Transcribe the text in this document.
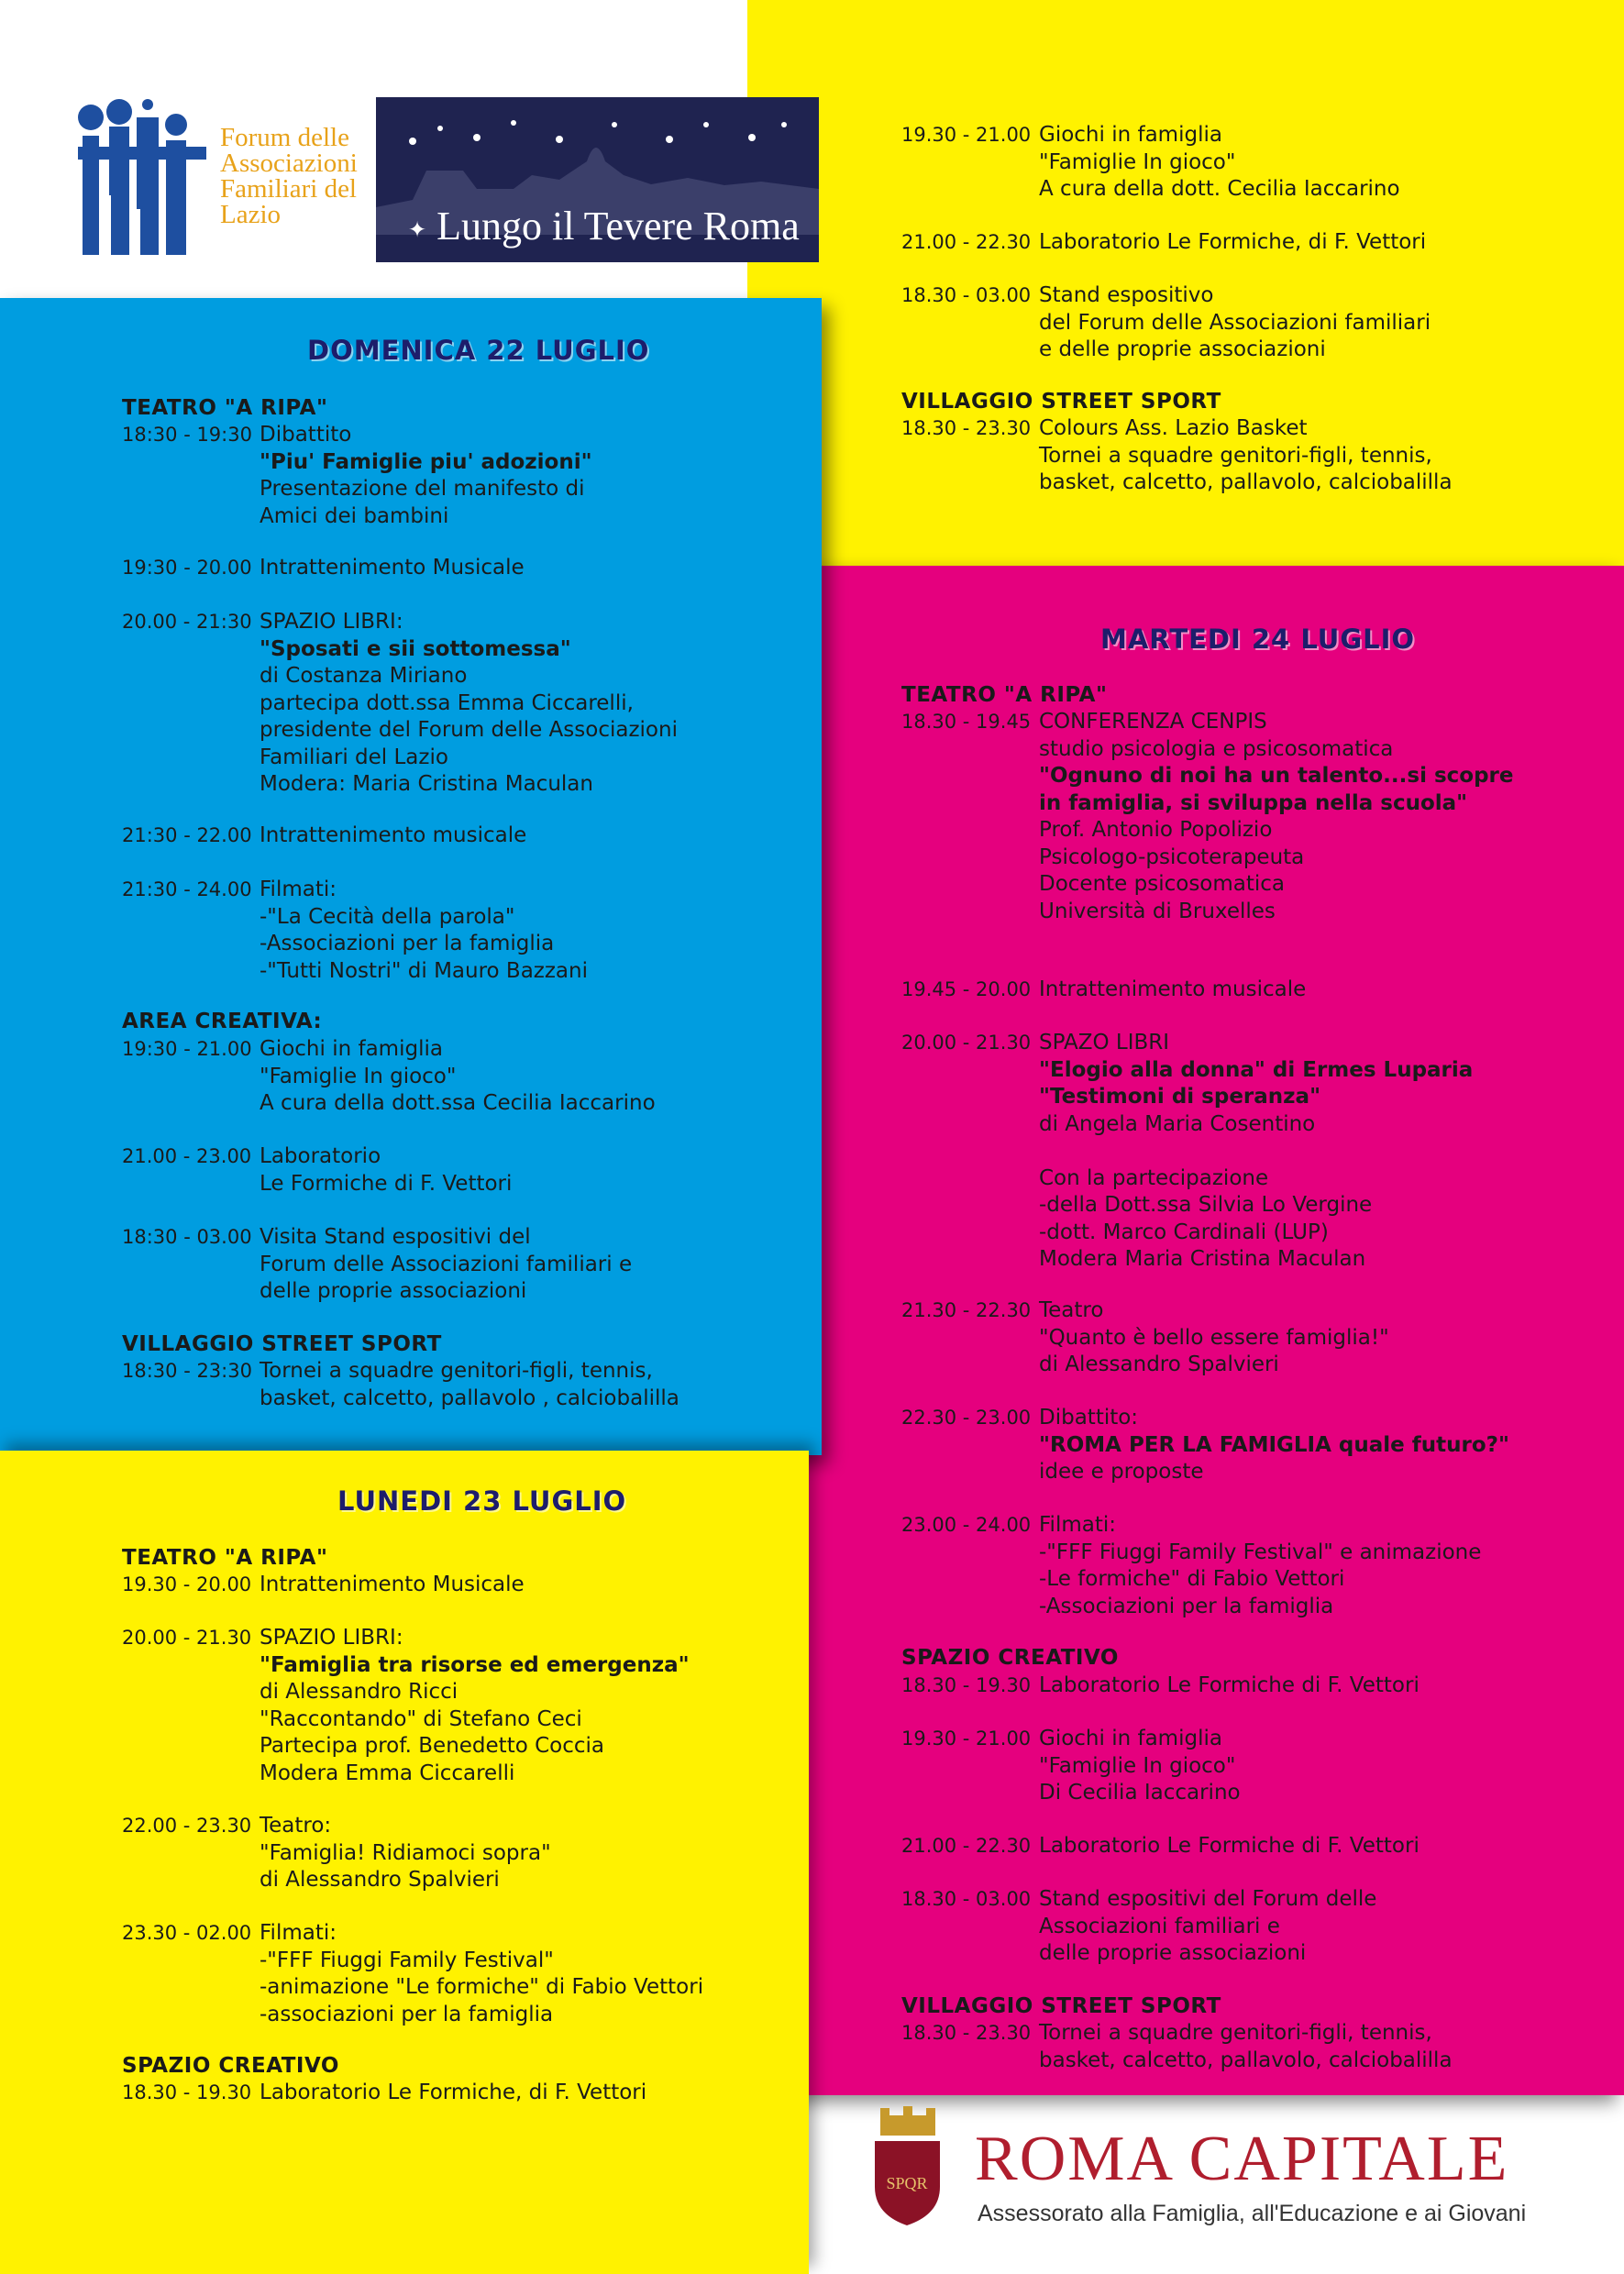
Forum delle
Associazioni
Familiari del
Lazio
✦ Lungo il Tevere Roma
DOMENICA 22 LUGLIO
TEATRO "A RIPA"
18:30 - 19:30 Dibattito
"Piu' Famiglie piu' adozioni"
Presentazione del manifesto di
Amici dei bambini
19:30 - 20.00 Intrattenimento Musicale
20.00 - 21:30 SPAZIO LIBRI:
"Sposati e sii sottomessa"
di Costanza Miriano
partecipa dott.ssa Emma Ciccarelli,
presidente del Forum delle Associazioni
Familiari del Lazio
Modera: Maria Cristina Maculan
21:30 - 22.00 Intrattenimento musicale
21:30 - 24.00 Filmati:
-"La Cecità della parola"
-Associazioni per la famiglia
-"Tutti Nostri" di Mauro Bazzani
AREA CREATIVA:
19:30 - 21.00 Giochi in famiglia
"Famiglie In gioco"
A cura della dott.ssa Cecilia Iaccarino
21.00 - 23.00 Laboratorio
Le Formiche di F. Vettori
18:30 - 03.00 Visita Stand espositivi del
Forum delle Associazioni familiari e
delle proprie associazioni
VILLAGGIO STREET SPORT
18:30 - 23:30 Tornei a squadre genitori-figli, tennis,
basket, calcetto, pallavolo , calciobalilla
19.30 - 21.00 Giochi in famiglia
"Famiglie In gioco"
A cura della dott. Cecilia Iaccarino
21.00 - 22.30 Laboratorio Le Formiche, di F. Vettori
18.30 - 03.00 Stand espositivo
del Forum delle Associazioni familiari
e delle proprie associazioni
VILLAGGIO STREET SPORT
18.30 - 23.30 Colours Ass. Lazio Basket
Tornei a squadre genitori-figli, tennis,
basket, calcetto, pallavolo, calciobalilla
MARTEDI 24 LUGLIO
TEATRO "A RIPA"
18.30 - 19.45 CONFERENZA CENPIS
studio psicologia e psicosomatica
"Ognuno di noi ha un talento...si scopre
in famiglia, si sviluppa nella scuola"
Prof. Antonio Popolizio
Psicologo-psicoterapeuta
Docente psicosomatica
Università di Bruxelles
19.45 - 20.00 Intrattenimento musicale
20.00 - 21.30 SPAZO LIBRI
"Elogio alla donna" di Ermes Luparia
"Testimoni di speranza"
di Angela Maria Cosentino
Con la partecipazione
-della Dott.ssa Silvia Lo Vergine
-dott. Marco Cardinali (LUP)
Modera Maria Cristina Maculan
21.30 - 22.30 Teatro
"Quanto è bello essere famiglia!"
di Alessandro Spalvieri
22.30 - 23.00 Dibattito:
"ROMA PER LA FAMIGLIA quale futuro?"
idee e proposte
23.00 - 24.00 Filmati:
-"FFF Fiuggi Family Festival" e animazione
-Le formiche" di Fabio Vettori
-Associazioni per la famiglia
SPAZIO CREATIVO
18.30 - 19.30 Laboratorio Le Formiche di F. Vettori
19.30 - 21.00 Giochi in famiglia
"Famiglie In gioco"
Di Cecilia Iaccarino
21.00 - 22.30 Laboratorio Le Formiche di F. Vettori
18.30 - 03.00 Stand espositivi del Forum delle
Associazioni familiari e
delle proprie associazioni
VILLAGGIO STREET SPORT
18.30 - 23.30 Tornei a squadre genitori-figli, tennis,
basket, calcetto, pallavolo, calciobalilla
LUNEDI 23 LUGLIO
TEATRO "A RIPA"
19.30 - 20.00 Intrattenimento Musicale
20.00 - 21.30 SPAZIO LIBRI:
"Famiglia tra risorse ed emergenza"
di Alessandro Ricci
"Raccontando" di Stefano Ceci
Partecipa prof. Benedetto Coccia
Modera Emma Ciccarelli
22.00 - 23.30 Teatro:
"Famiglia! Ridiamoci sopra"
di Alessandro Spalvieri
23.30 - 02.00 Filmati:
-"FFF Fiuggi Family Festival"
-animazione "Le formiche" di Fabio Vettori
-associazioni per la famiglia
SPAZIO CREATIVO
18.30 - 19.30 Laboratorio Le Formiche, di F. Vettori
SPQR ROMA CAPITALE
Assessorato alla Famiglia, all'Educazione e ai Giovani
